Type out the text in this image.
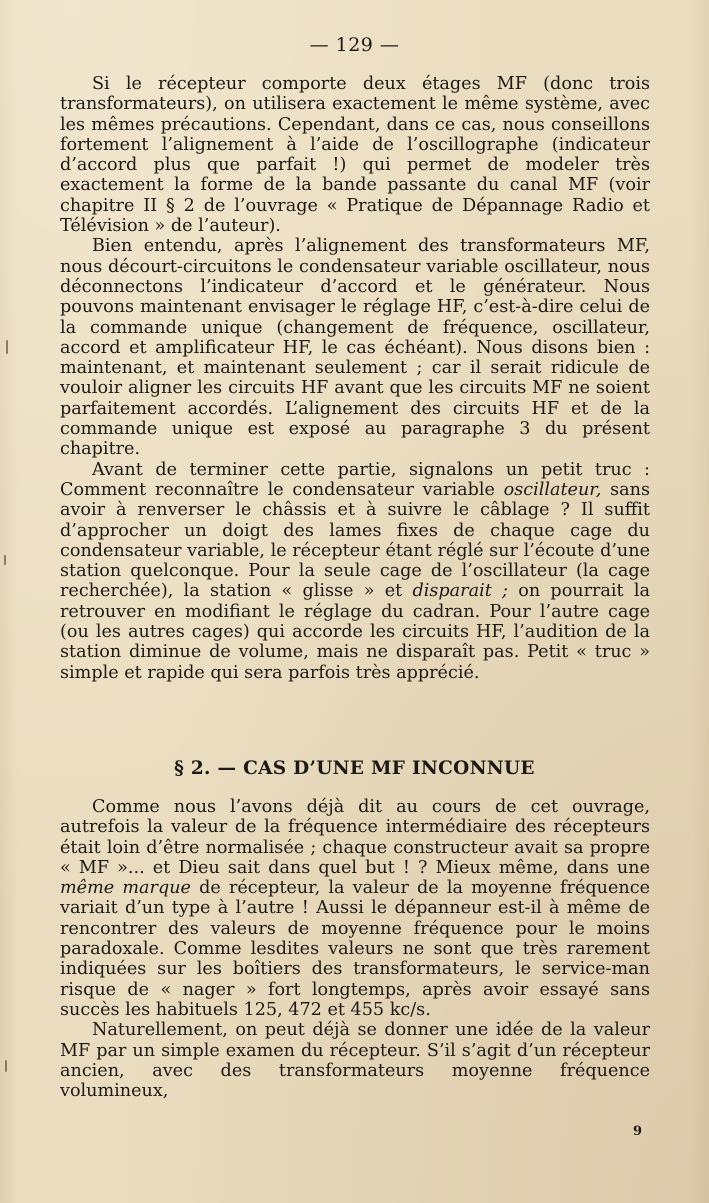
— 129 —

Si le récepteur comporte deux étages MF (donc trois transformateurs), on utilisera exactement le même système, avec les mêmes précautions. Cependant, dans ce cas, nous conseillons fortement l’alignement à l’aide de l’oscillographe (indicateur d’accord plus que parfait !) qui permet de modeler très exactement la forme de la bande passante du canal MF (voir chapitre II § 2 de l’ouvrage « Pratique de Dépannage Radio et Télévision » de l’auteur).

Bien entendu, après l’alignement des transformateurs MF, nous décourt-circuitons le condensateur variable oscillateur, nous déconnectons l’indicateur d’accord et le générateur. Nous pouvons maintenant envisager le réglage HF, c’est-à-dire celui de la commande unique (changement de fréquence, oscillateur, accord et amplificateur HF, le cas échéant). Nous disons bien : maintenant, et maintenant seulement ; car il serait ridicule de vouloir aligner les circuits HF avant que les circuits MF ne soient parfaitement accordés. L’alignement des circuits HF et de la commande unique est exposé au paragraphe 3 du présent chapitre.

Avant de terminer cette partie, signalons un petit truc : Comment reconnaître le condensateur variable oscillateur, sans avoir à renverser le châssis et à suivre le câblage ? Il suffit d’approcher un doigt des lames fixes de chaque cage du condensateur variable, le récepteur étant réglé sur l’écoute d’une station quelconque. Pour la seule cage de l’oscillateur (la cage recherchée), la station « glisse » et disparait ; on pourrait la retrouver en modifiant le réglage du cadran. Pour l’autre cage (ou les autres cages) qui accorde les circuits HF, l’audition de la station diminue de volume, mais ne disparaît pas. Petit « truc » simple et rapide qui sera parfois très apprécié.

§ 2. — CAS D’UNE MF INCONNUE

Comme nous l’avons déjà dit au cours de cet ouvrage, autrefois la valeur de la fréquence intermédiaire des récepteurs était loin d’être normalisée ; chaque constructeur avait sa propre « MF »... et Dieu sait dans quel but ! ? Mieux même, dans une même marque de récepteur, la valeur de la moyenne fréquence variait d’un type à l’autre ! Aussi le dépanneur est-il à même de rencontrer des valeurs de moyenne fréquence pour le moins paradoxale. Comme lesdites valeurs ne sont que très rarement indiquées sur les boîtiers des transformateurs, le service-man risque de « nager » fort longtemps, après avoir essayé sans succès les habituels 125, 472 et 455 kc/s.

Naturellement, on peut déjà se donner une idée de la valeur MF par un simple examen du récepteur. S’il s’agit d’un récepteur ancien, avec des transformateurs moyenne fréquence volumineux,

9
